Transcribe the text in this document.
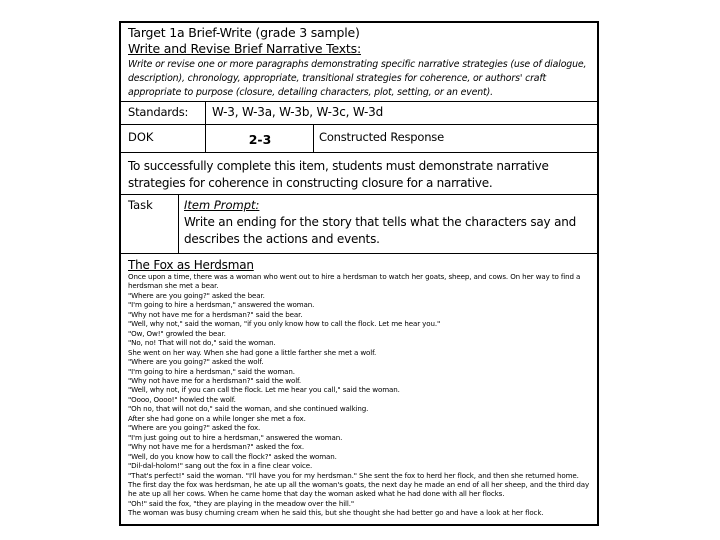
Target 1a Brief-Write (grade 3 sample)
Write and Revise Brief Narrative Texts:
Write or revise one or more paragraphs demonstrating specific narrative strategies (use of dialogue, description), chronology, appropriate, transitional strategies for coherence, or authors' craft appropriate to purpose (closure, detailing characters, plot, setting, or an event).
Standards: W-3, W-3a, W-3b, W-3c, W-3d
DOK	2-3	Constructed Response
To successfully complete this item, students must demonstrate narrative strategies for coherence in constructing closure for a narrative.
Task	Item Prompt:
Write an ending for the story that tells what the characters say and describes the actions and events.
The Fox as Herdsman

Once upon a time, there was a woman who went out to hire a herdsman to watch her goats, sheep, and cows. On her way to find a herdsman she met a bear.

"Where are you going?" asked the bear.

"I'm going to hire a herdsman," answered the woman.

"Why not have me for a herdsman?" said the bear.

"Well, why not," said the woman, "if you only know how to call the flock. Let me hear you."

"Ow, Ow!" growled the bear.

"No, no! That will not do," said the woman.

She went on her way. When she had gone a little farther she met a wolf.

"Where are you going?" asked the wolf.

"I'm going to hire a herdsman," said the woman.

"Why not have me for a herdsman?" said the wolf.

"Well, why not, if you can call the flock. Let me hear you call," said the woman.

"Oooo, Oooo!" howled the wolf.

"Oh no, that will not do," said the woman, and she continued walking.

After she had gone on a while longer she met a fox.

"Where are you going?" asked the fox.

"I'm just going out to hire a herdsman," answered the woman.

"Why not have me for a herdsman?" asked the fox.

"Well, do you know how to call the flock?" asked the woman.

"Dil-dal-holom!" sang out the fox in a fine clear voice.

"That's perfect!" said the woman. "I'll have you for my herdsman." She sent the fox to herd her flock, and then she returned home.

The first day the fox was herdsman, he ate up all the woman's goats, the next day he made an end of all her sheep, and the third day he ate up all her cows. When he came home that day the woman asked what he had done with all her flocks.

"Oh!" said the fox, "they are playing in the meadow over the hill."

The woman was busy churning cream when he said this, but she thought she had better go and have a look at her flock.
